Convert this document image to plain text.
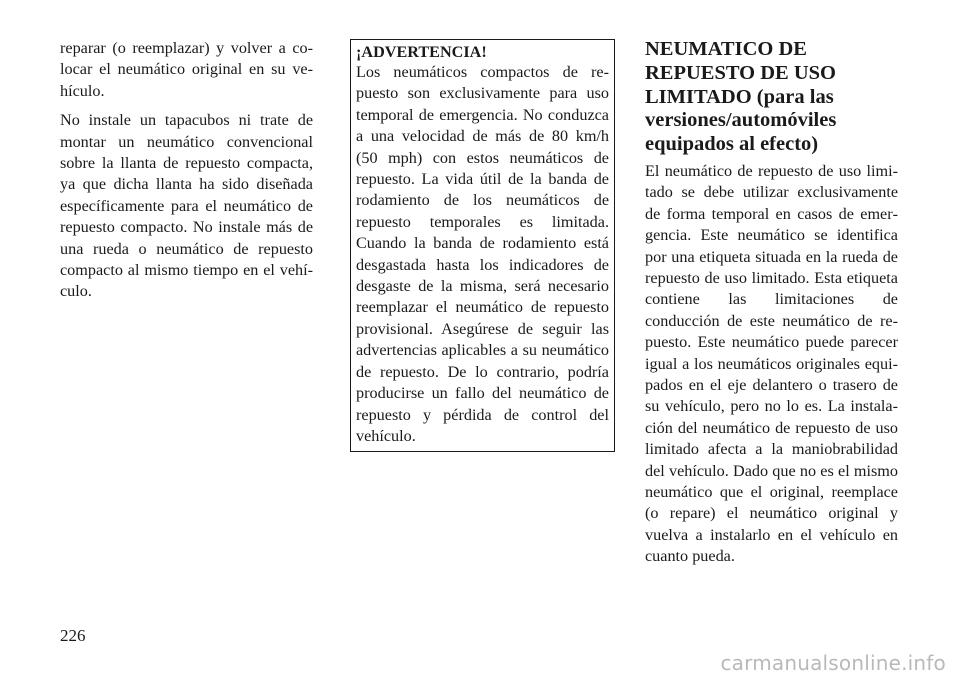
reparar (o reemplazar) y volver a colocar el neumático original en su vehículo.

No instale un tapacubos ni trate de montar un neumático convencional sobre la llanta de repuesto compacta, ya que dicha llanta ha sido diseñada específicamente para el neumático de repuesto compacto. No instale más de una rueda o neumático de repuesto compacto al mismo tiempo en el vehículo.

¡ADVERTENCIA!
Los neumáticos compactos de repuesto son exclusivamente para uso temporal de emergencia. No conduzca a una velocidad de más de 80 km/h (50 mph) con estos neumáticos de repuesto. La vida útil de la banda de rodamiento de los neumáticos de repuesto temporales es limitada. Cuando la banda de rodamiento está desgastada hasta los indicadores de desgaste de la misma, será necesario reemplazar el neumático de repuesto provisional. Asegúrese de seguir las advertencias aplicables a su neumático de repuesto. De lo contrario, podría producirse un fallo del neumático de repuesto y pérdida de control del vehículo.
NEUMATICO DE REPUESTO DE USO LIMITADO (para las versiones/automóviles equipados al efecto)

El neumático de repuesto de uso limitado se debe utilizar exclusivamente de forma temporal en casos de emergencia. Este neumático se identifica por una etiqueta situada en la rueda de repuesto de uso limitado. Esta etiqueta contiene las limitaciones de conducción de este neumático de repuesto. Este neumático puede parecer igual a los neumáticos originales equipados en el eje delantero o trasero de su vehículo, pero no lo es. La instalación del neumático de repuesto de uso limitado afecta a la maniobrabilidad del vehículo. Dado que no es el mismo neumático que el original, reemplace (o repare) el neumático original y vuelva a instalarlo en el vehículo en cuanto pueda.

226
carmanualsonline.info
